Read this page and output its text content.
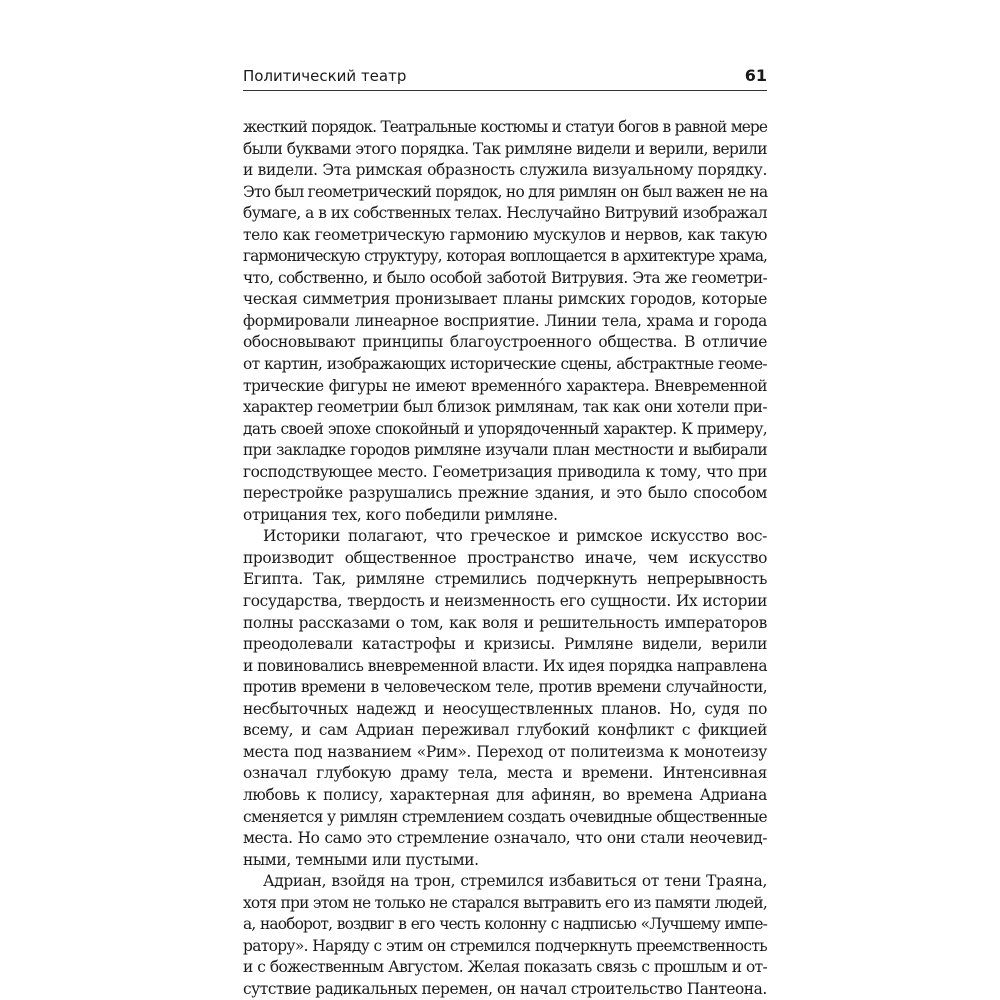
Политический театр	61
жесткий порядок. Театральные костюмы и статуи богов в равной мере
были буквами этого порядка. Так римляне видели и верили, верили
и видели. Эта римская образность служила визуальному порядку.
Это был геометрический порядок, но для римлян он был важен не на
бумаге, а в их собственных телах. Неслучайно Витрувий изображал
тело как геометрическую гармонию мускулов и нервов, как такую
гармоническую структуру, которая воплощается в архитектуре храма,
что, собственно, и было особой заботой Витрувия. Эта же геометри-
ческая симметрия пронизывает планы римских городов, которые
формировали линеарное восприятие. Линии тела, храма и города
обосновывают принципы благоустроенного общества. В отличие
от картин, изображающих исторические сцены, абстрактные геоме-
трические фигуры не имеют временно́го характера. Вневременной
характер геометрии был близок римлянам, так как они хотели при-
дать своей эпохе спокойный и упорядоченный характер. К примеру,
при закладке городов римляне изучали план местности и выбирали
господствующее место. Геометризация приводила к тому, что при
перестройке разрушались прежние здания, и это было способом
отрицания тех, кого победили римляне.
Историки полагают, что греческое и римское искусство вос-
производит общественное пространство иначе, чем искусство
Египта. Так, римляне стремились подчеркнуть непрерывность
государства, твердость и неизменность его сущности. Их истории
полны рассказами о том, как воля и решительность императоров
преодолевали катастрофы и кризисы. Римляне видели, верили
и повиновались вневременной власти. Их идея порядка направлена
против времени в человеческом теле, против времени случайности,
несбыточных надежд и неосуществленных планов. Но, судя по
всему, и сам Адриан переживал глубокий конфликт с фикцией
места под названием «Рим». Переход от политеизма к монотеизу
означал глубокую драму тела, места и времени. Интенсивная
любовь к полису, характерная для афинян, во времена Адриана
сменяется у римлян стремлением создать очевидные общественные
места. Но само это стремление означало, что они стали неочевид-
ными, темными или пустыми.
Адриан, взойдя на трон, стремился избавиться от тени Траяна,
хотя при этом не только не старался вытравить его из памяти людей,
а, наоборот, воздвиг в его честь колонну с надписью «Лучшему импе-
ратору». Наряду с этим он стремился подчеркнуть преемственность
и с божественным Августом. Желая показать связь с прошлым и от-
сутствие радикальных перемен, он начал строительство Пантеона.
